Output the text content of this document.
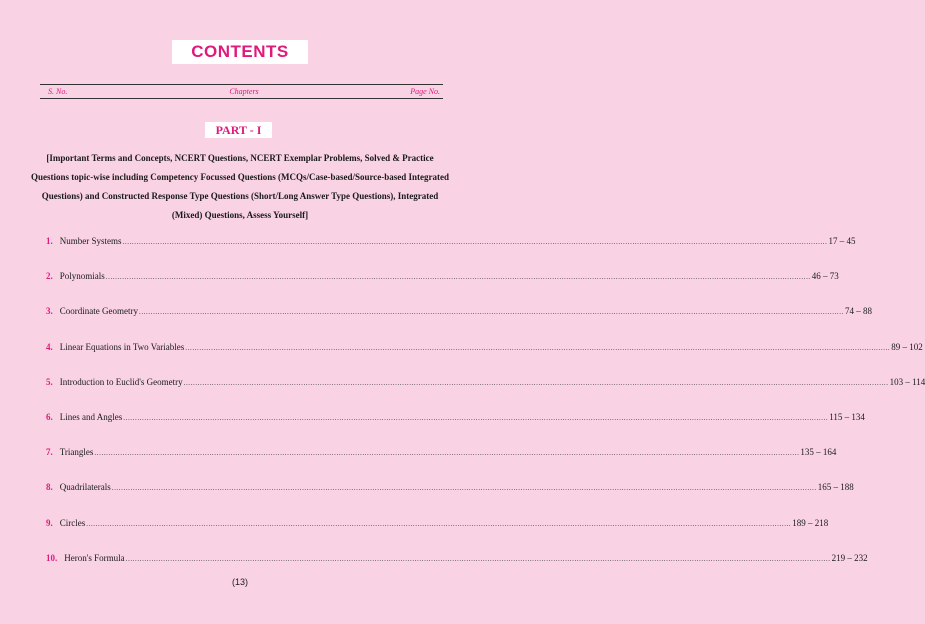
CONTENTS
S. No.	Chapters	Page No.
PART - I
[Important Terms and Concepts, NCERT Questions, NCERT Exemplar Problems, Solved & Practice Questions topic-wise including Competency Focussed Questions (MCQs/Case-based/Source-based Integrated Questions) and Constructed Response Type Questions (Short/Long Answer Type Questions), Integrated (Mixed) Questions, Assess Yourself]
1. Number Systems ............................................................................................................................................................................................................................................................................................................ 17 – 45
2. Polynomials ............................................................................................................................................................................................................................................................................................................ 46 – 73
3. Coordinate Geometry ............................................................................................................................................................................................................................................................................................................ 74 – 88
4. Linear Equations in Two Variables ............................................................................................................................................................................................................................................................................................................ 89 – 102
5. Introduction to Euclid's Geometry ............................................................................................................................................................................................................................................................................................................ 103 – 114
6. Lines and Angles ............................................................................................................................................................................................................................................................................................................ 115 – 134
7. Triangles ............................................................................................................................................................................................................................................................................................................ 135 – 164
8. Quadrilaterals ............................................................................................................................................................................................................................................................................................................ 165 – 188
9. Circles ............................................................................................................................................................................................................................................................................................................ 189 – 218
10. Heron's Formula ............................................................................................................................................................................................................................................................................................................ 219 – 232
(13)
